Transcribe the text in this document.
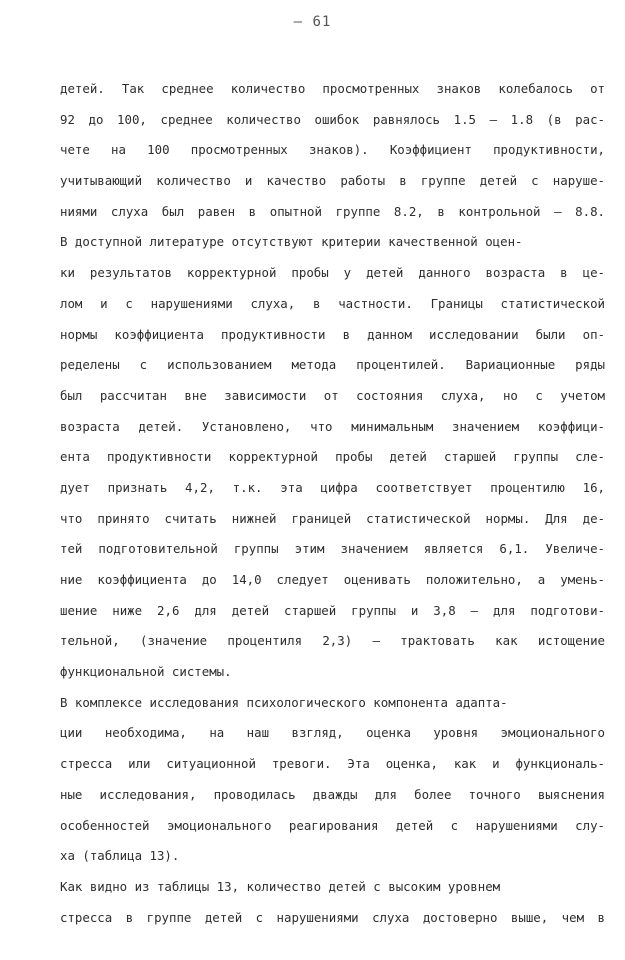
– 61
детей. Так среднее количество просмотренных знаков колебалось от
92 до 100, среднее количество ошибок равнялось 1.5 – 1.8 (в рас-
чете на 100 просмотренных знаков). Коэффициент продуктивности,
учитывающий количество и качество работы в группе детей с наруше-
ниями слуха был равен в опытной группе 8.2, в контрольной – 8.8.
В доступной литературе отсутствуют критерии качественной оцен-
ки результатов корректурной пробы у детей данного возраста в це-
лом и с нарушениями слуха, в частности. Границы статистической
нормы коэффициента продуктивности в данном исследовании были оп-
ределены с использованием метода процентилей. Вариационные ряды
был рассчитан вне зависимости от состояния слуха, но с учетом
возраста детей. Установлено, что минимальным значением коэффици-
ента продуктивности корректурной пробы детей старшей группы сле-
дует признать 4,2, т.к. эта цифра соответствует процентилю 16,
что принято считать нижней границей статистической нормы. Для де-
тей подготовительной группы этим значением является 6,1. Увеличе-
ние коэффициента до 14,0 следует оценивать положительно, а умень-
шение ниже 2,6 для детей старшей группы и 3,8 – для подготови-
тельной, (значение процентиля 2,3) – трактовать как истощение
функциональной системы.
В комплексе исследования психологического компонента адапта-
ции необходима, на наш взгляд, оценка уровня эмоционального
стресса или ситуационной тревоги. Эта оценка, как и функциональ-
ные исследования, проводилась дважды для более точного выяснения
особенностей эмоционального реагирования детей с нарушениями слу-
ха (таблица 13).
Как видно из таблицы 13, количество детей с высоким уровнем
стресса в группе детей с нарушениями слуха достоверно выше, чем в
